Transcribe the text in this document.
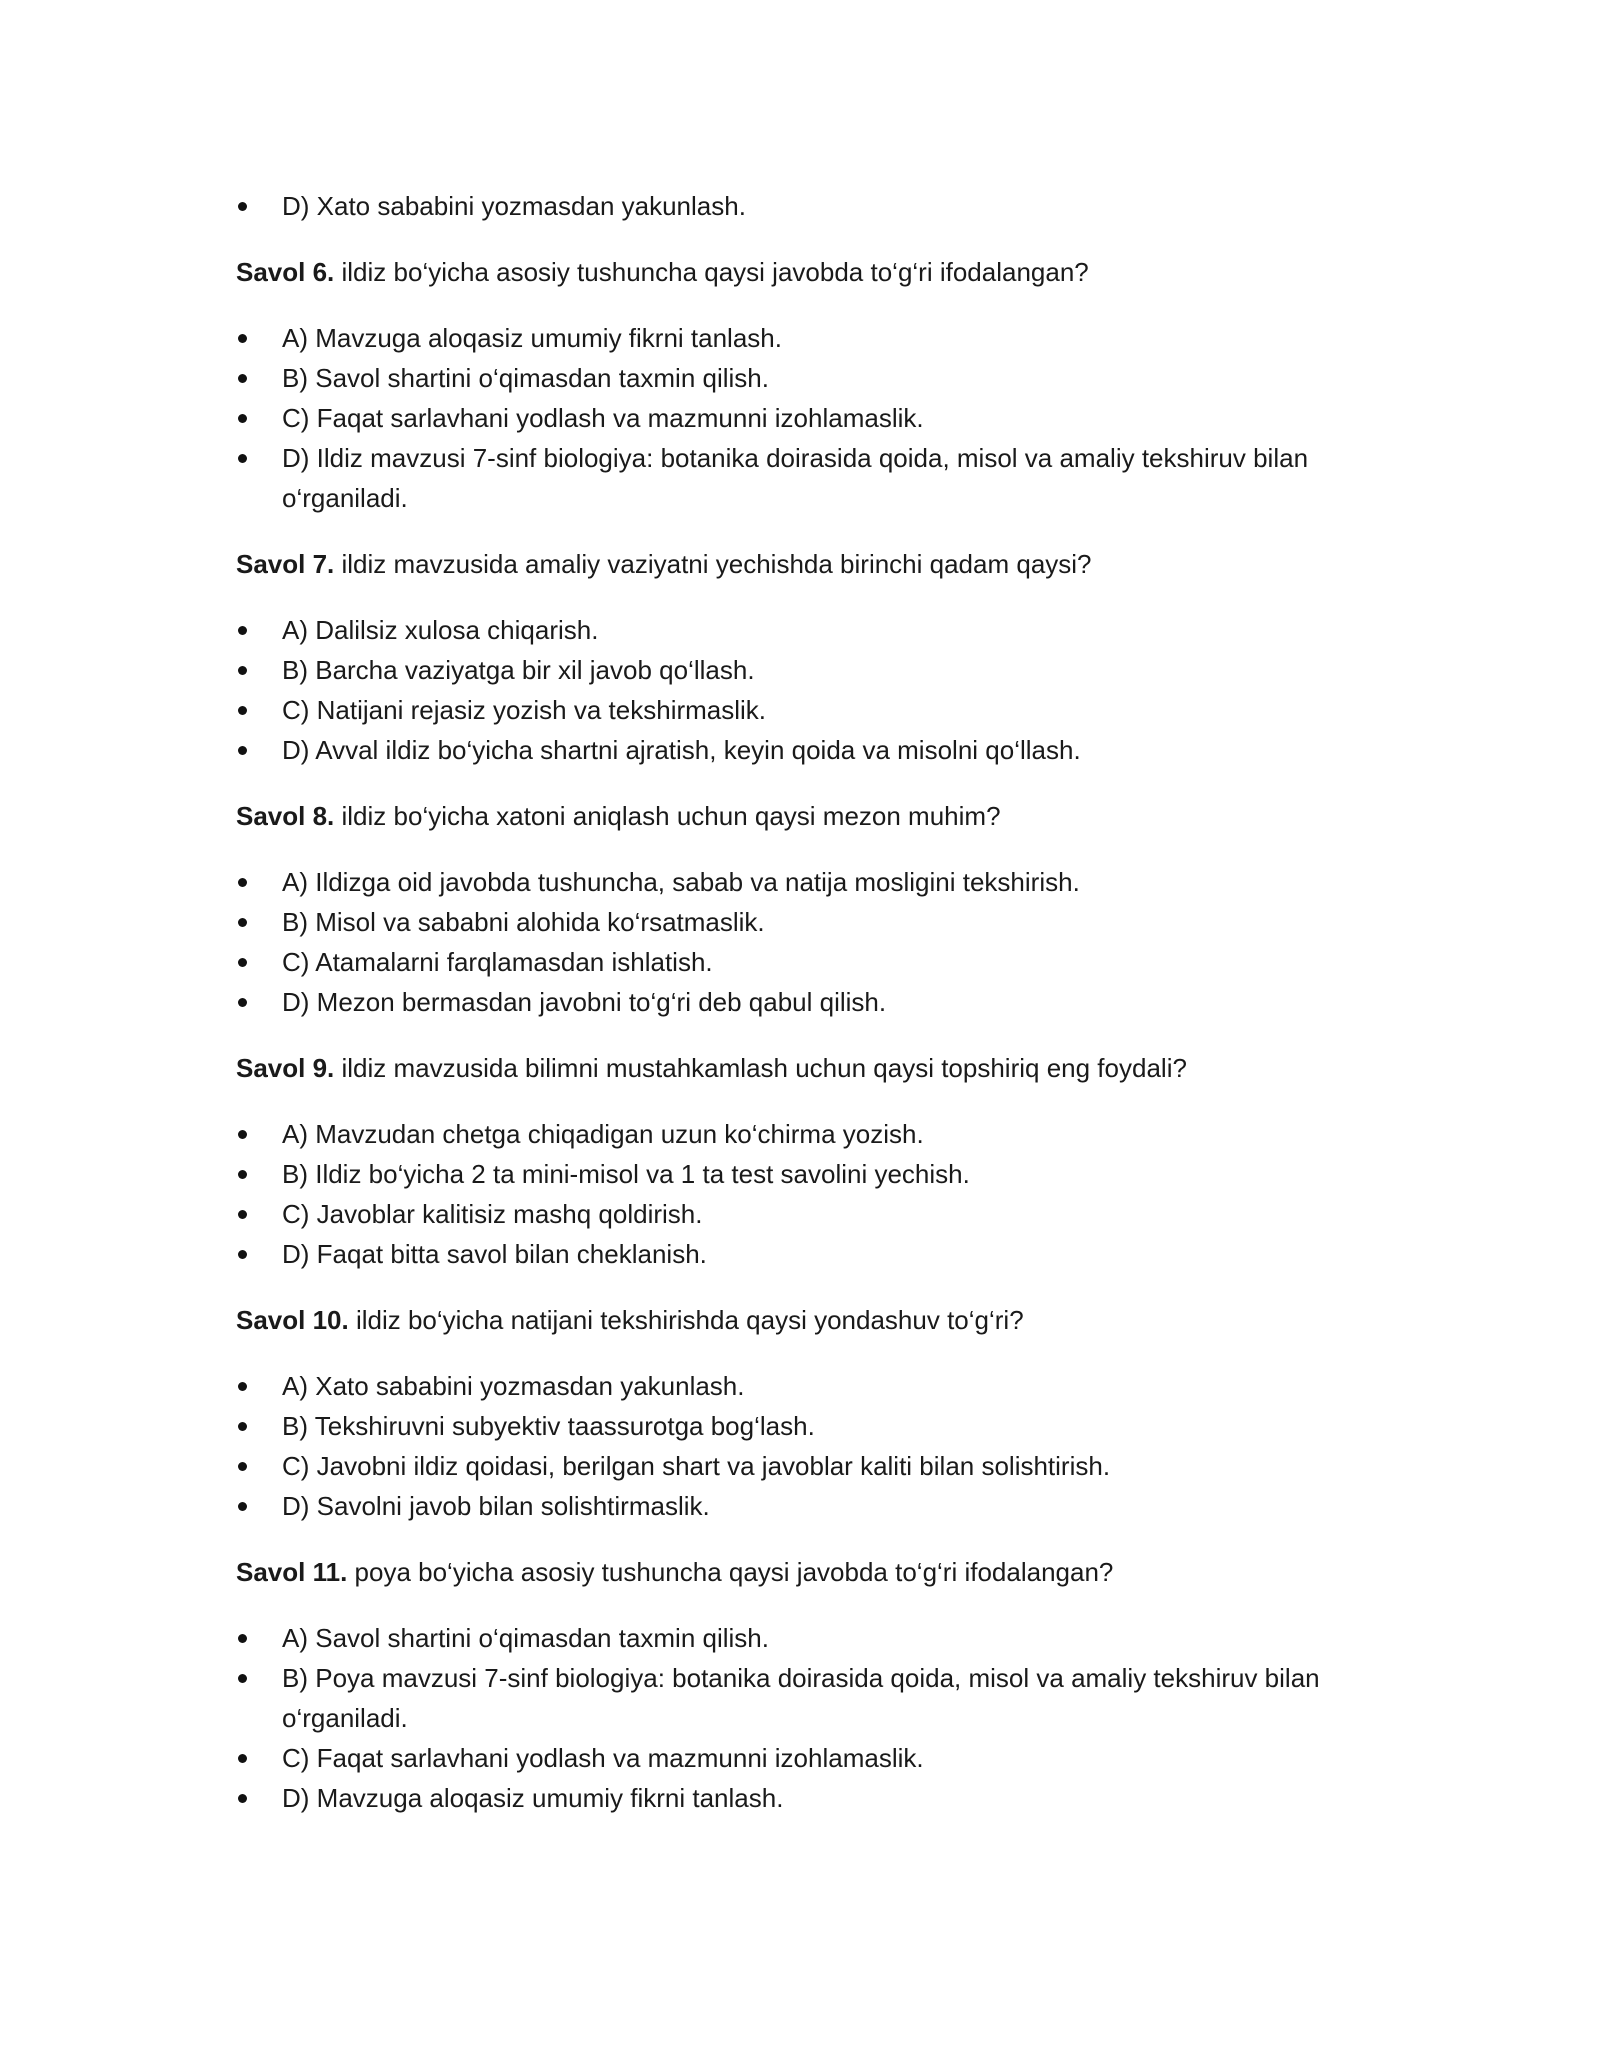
D) Xato sababini yozmasdan yakunlash.

Savol 6. ildiz bo‘yicha asosiy tushuncha qaysi javobda to‘g‘ri ifodalangan?

A) Mavzuga aloqasiz umumiy fikrni tanlash.
B) Savol shartini o‘qimasdan taxmin qilish.
C) Faqat sarlavhani yodlash va mazmunni izohlamaslik.
D) Ildiz mavzusi 7-sinf biologiya: botanika doirasida qoida, misol va amaliy tekshiruv bilan o‘rganiladi.

Savol 7. ildiz mavzusida amaliy vaziyatni yechishda birinchi qadam qaysi?

A) Dalilsiz xulosa chiqarish.
B) Barcha vaziyatga bir xil javob qo‘llash.
C) Natijani rejasiz yozish va tekshirmaslik.
D) Avval ildiz bo‘yicha shartni ajratish, keyin qoida va misolni qo‘llash.

Savol 8. ildiz bo‘yicha xatoni aniqlash uchun qaysi mezon muhim?

A) Ildizga oid javobda tushuncha, sabab va natija mosligini tekshirish.
B) Misol va sababni alohida ko‘rsatmaslik.
C) Atamalarni farqlamasdan ishlatish.
D) Mezon bermasdan javobni to‘g‘ri deb qabul qilish.

Savol 9. ildiz mavzusida bilimni mustahkamlash uchun qaysi topshiriq eng foydali?

A) Mavzudan chetga chiqadigan uzun ko‘chirma yozish.
B) Ildiz bo‘yicha 2 ta mini-misol va 1 ta test savolini yechish.
C) Javoblar kalitisiz mashq qoldirish.
D) Faqat bitta savol bilan cheklanish.

Savol 10. ildiz bo‘yicha natijani tekshirishda qaysi yondashuv to‘g‘ri?

A) Xato sababini yozmasdan yakunlash.
B) Tekshiruvni subyektiv taassurotga bog‘lash.
C) Javobni ildiz qoidasi, berilgan shart va javoblar kaliti bilan solishtirish.
D) Savolni javob bilan solishtirmaslik.

Savol 11. poya bo‘yicha asosiy tushuncha qaysi javobda to‘g‘ri ifodalangan?

A) Savol shartini o‘qimasdan taxmin qilish.
B) Poya mavzusi 7-sinf biologiya: botanika doirasida qoida, misol va amaliy tekshiruv bilan o‘rganiladi.
C) Faqat sarlavhani yodlash va mazmunni izohlamaslik.
D) Mavzuga aloqasiz umumiy fikrni tanlash.
